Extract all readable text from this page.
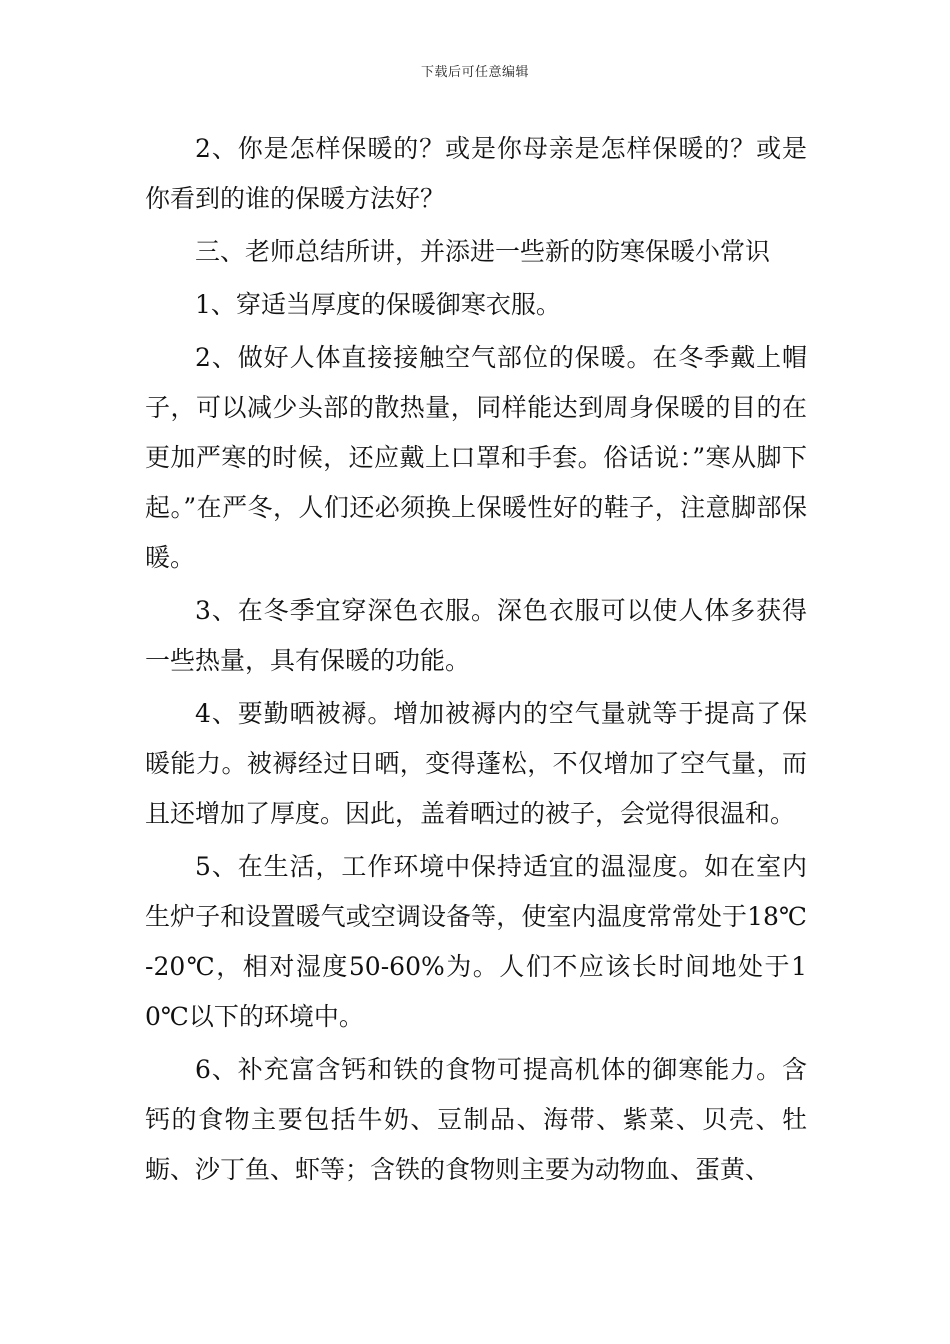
下载后可任意编辑

2、你是怎样保暖的？或是你母亲是怎样保暖的？或是你看到的谁的保暖方法好？

三、老师总结所讲，并添进一些新的防寒保暖小常识

1、穿适当厚度的保暖御寒衣服。

2、做好人体直接接触空气部位的保暖。在冬季戴上帽子，可以减少头部的散热量，同样能达到周身保暖的目的在更加严寒的时候，还应戴上口罩和手套。俗话说：”寒从脚下起。”在严冬，人们还必须换上保暖性好的鞋子，注意脚部保暖。

3、在冬季宜穿深色衣服。深色衣服可以使人体多获得一些热量，具有保暖的功能。

4、要勤晒被褥。增加被褥内的空气量就等于提高了保暖能力。被褥经过日晒，变得蓬松，不仅增加了空气量，而且还增加了厚度。因此，盖着晒过的被子，会觉得很温和。

5、在生活，工作环境中保持适宜的温湿度。如在室内生炉子和设置暖气或空调设备等，使室内温度常常处于18℃-20℃，相对湿度50-60%为。人们不应该长时间地处于10℃以下的环境中。

6、补充富含钙和铁的食物可提高机体的御寒能力。含钙的食物主要包括牛奶、豆制品、海带、紫菜、贝壳、牡蛎、沙丁鱼、虾等；含铁的食物则主要为动物血、蛋黄、
